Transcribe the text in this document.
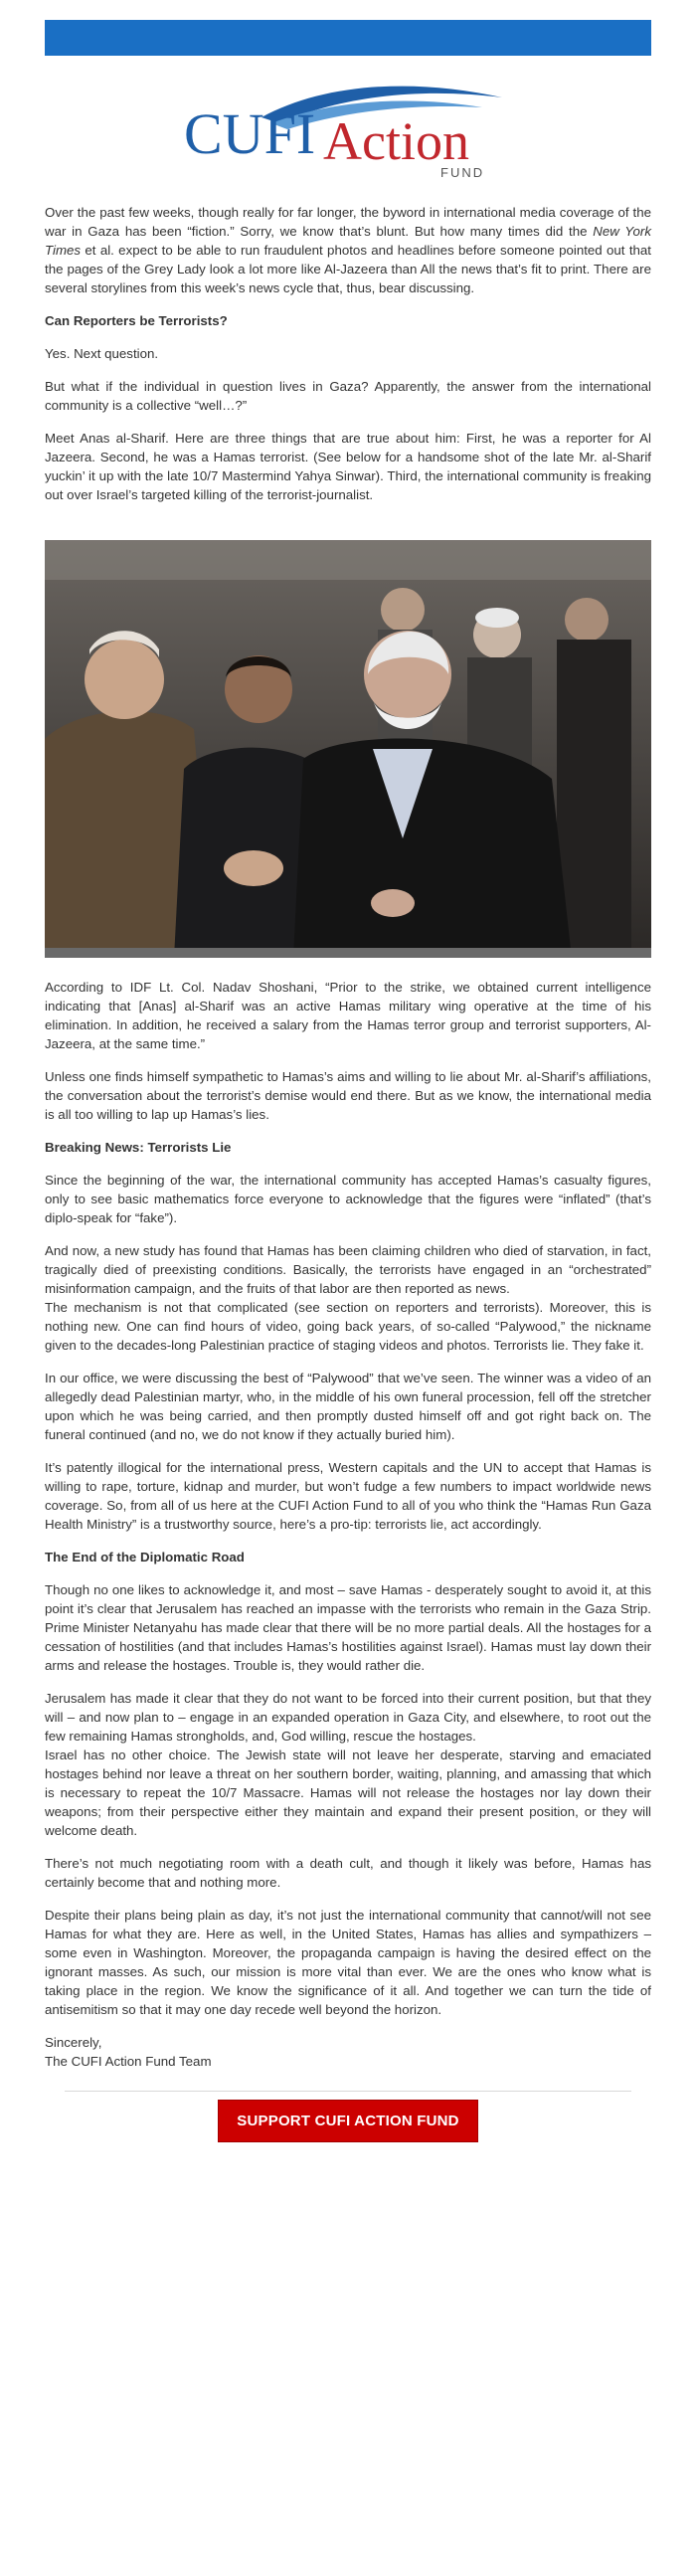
CUFI Action
FUND

Over the past few weeks, though really for far longer, the byword in international media coverage of the war in Gaza has been “fiction.” Sorry, we know that’s blunt. But how many times did the New York Times et al. expect to be able to run fraudulent photos and headlines before someone pointed out that the pages of the Grey Lady look a lot more like Al-Jazeera than All the news that’s fit to print. There are several storylines from this week’s news cycle that, thus, bear discussing.

Can Reporters be Terrorists?

Yes. Next question.

But what if the individual in question lives in Gaza? Apparently, the answer from the international community is a collective “well…?”

Meet Anas al-Sharif. Here are three things that are true about him: First, he was a reporter for Al Jazeera. Second, he was a Hamas terrorist. (See below for a handsome shot of the late Mr. al-Sharif yuckin’ it up with the late 10/7 Mastermind Yahya Sinwar). Third, the international community is freaking out over Israel’s targeted killing of the terrorist-journalist.

According to IDF Lt. Col. Nadav Shoshani, “Prior to the strike, we obtained current intelligence indicating that [Anas] al-Sharif was an active Hamas military wing operative at the time of his elimination. In addition, he received a salary from the Hamas terror group and terrorist supporters, Al-Jazeera, at the same time.”

Unless one finds himself sympathetic to Hamas’s aims and willing to lie about Mr. al-Sharif’s affiliations, the conversation about the terrorist’s demise would end there. But as we know, the international media is all too willing to lap up Hamas’s lies.

Breaking News: Terrorists Lie

Since the beginning of the war, the international community has accepted Hamas’s casualty figures, only to see basic mathematics force everyone to acknowledge that the figures were “inflated” (that’s diplo-speak for “fake”).

And now, a new study has found that Hamas has been claiming children who died of starvation, in fact, tragically died of preexisting conditions. Basically, the terrorists have engaged in an “orchestrated” misinformation campaign, and the fruits of that labor are then reported as news.

The mechanism is not that complicated (see section on reporters and terrorists). Moreover, this is nothing new. One can find hours of video, going back years, of so-called “Palywood,” the nickname given to the decades-long Palestinian practice of staging videos and photos. Terrorists lie. They fake it.

In our office, we were discussing the best of “Palywood” that we’ve seen. The winner was a video of an allegedly dead Palestinian martyr, who, in the middle of his own funeral procession, fell off the stretcher upon which he was being carried, and then promptly dusted himself off and got right back on. The funeral continued (and no, we do not know if they actually buried him).

It’s patently illogical for the international press, Western capitals and the UN to accept that Hamas is willing to rape, torture, kidnap and murder, but won’t fudge a few numbers to impact worldwide news coverage. So, from all of us here at the CUFI Action Fund to all of you who think the “Hamas Run Gaza Health Ministry” is a trustworthy source, here’s a pro-tip: terrorists lie, act accordingly.

The End of the Diplomatic Road

Though no one likes to acknowledge it, and most – save Hamas - desperately sought to avoid it, at this point it’s clear that Jerusalem has reached an impasse with the terrorists who remain in the Gaza Strip. Prime Minister Netanyahu has made clear that there will be no more partial deals. All the hostages for a cessation of hostilities (and that includes Hamas’s hostilities against Israel). Hamas must lay down their arms and release the hostages. Trouble is, they would rather die.

Jerusalem has made it clear that they do not want to be forced into their current position, but that they will – and now plan to – engage in an expanded operation in Gaza City, and elsewhere, to root out the few remaining Hamas strongholds, and, God willing, rescue the hostages.

Israel has no other choice. The Jewish state will not leave her desperate, starving and emaciated hostages behind nor leave a threat on her southern border, waiting, planning, and amassing that which is necessary to repeat the 10/7 Massacre. Hamas will not release the hostages nor lay down their weapons; from their perspective either they maintain and expand their present position, or they will welcome death.

There’s not much negotiating room with a death cult, and though it likely was before, Hamas has certainly become that and nothing more.

Despite their plans being plain as day, it’s not just the international community that cannot/will not see Hamas for what they are. Here as well, in the United States, Hamas has allies and sympathizers – some even in Washington. Moreover, the propaganda campaign is having the desired effect on the ignorant masses. As such, our mission is more vital than ever. We are the ones who know what is taking place in the region. We know the significance of it all. And together we can turn the tide of antisemitism so that it may one day recede well beyond the horizon.

Sincerely,

The CUFI Action Fund Team

SUPPORT CUFI ACTION FUND
